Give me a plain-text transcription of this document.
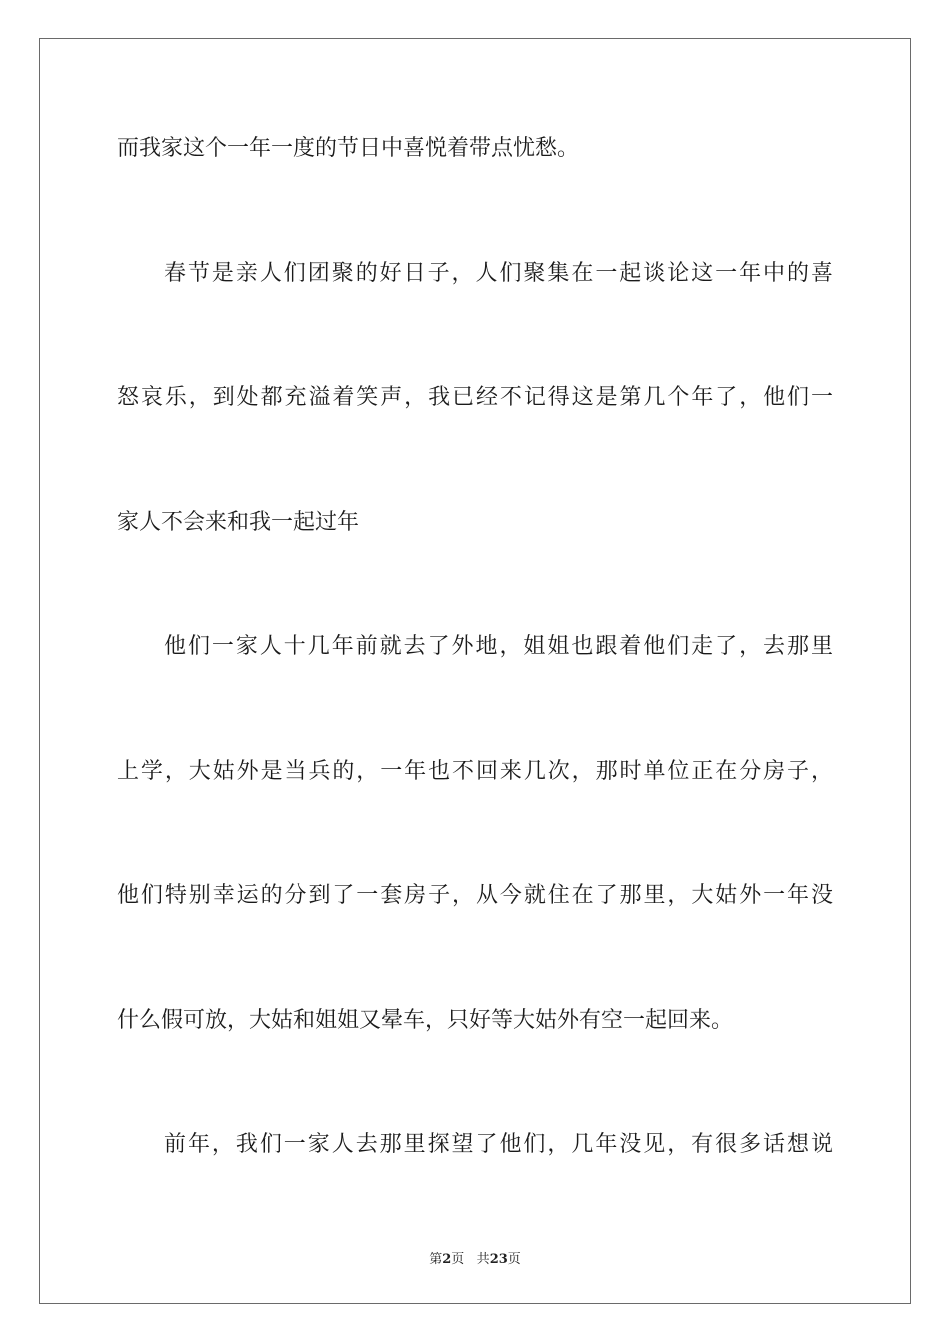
而我家这个一年一度的节日中喜悦着带点忧愁。
春节是亲人们团聚的好日子，人们聚集在一起谈论这一年中的喜
怒哀乐，到处都充溢着笑声，我已经不记得这是第几个年了，他们一
家人不会来和我一起过年
他们一家人十几年前就去了外地，姐姐也跟着他们走了，去那里
上学，大姑外是当兵的，一年也不回来几次，那时单位正在分房子，
他们特别幸运的分到了一套房子，从今就住在了那里，大姑外一年没
什么假可放，大姑和姐姐又晕车，只好等大姑外有空一起回来。
前年，我们一家人去那里探望了他们，几年没见，有很多话想说
第2页 共23页
